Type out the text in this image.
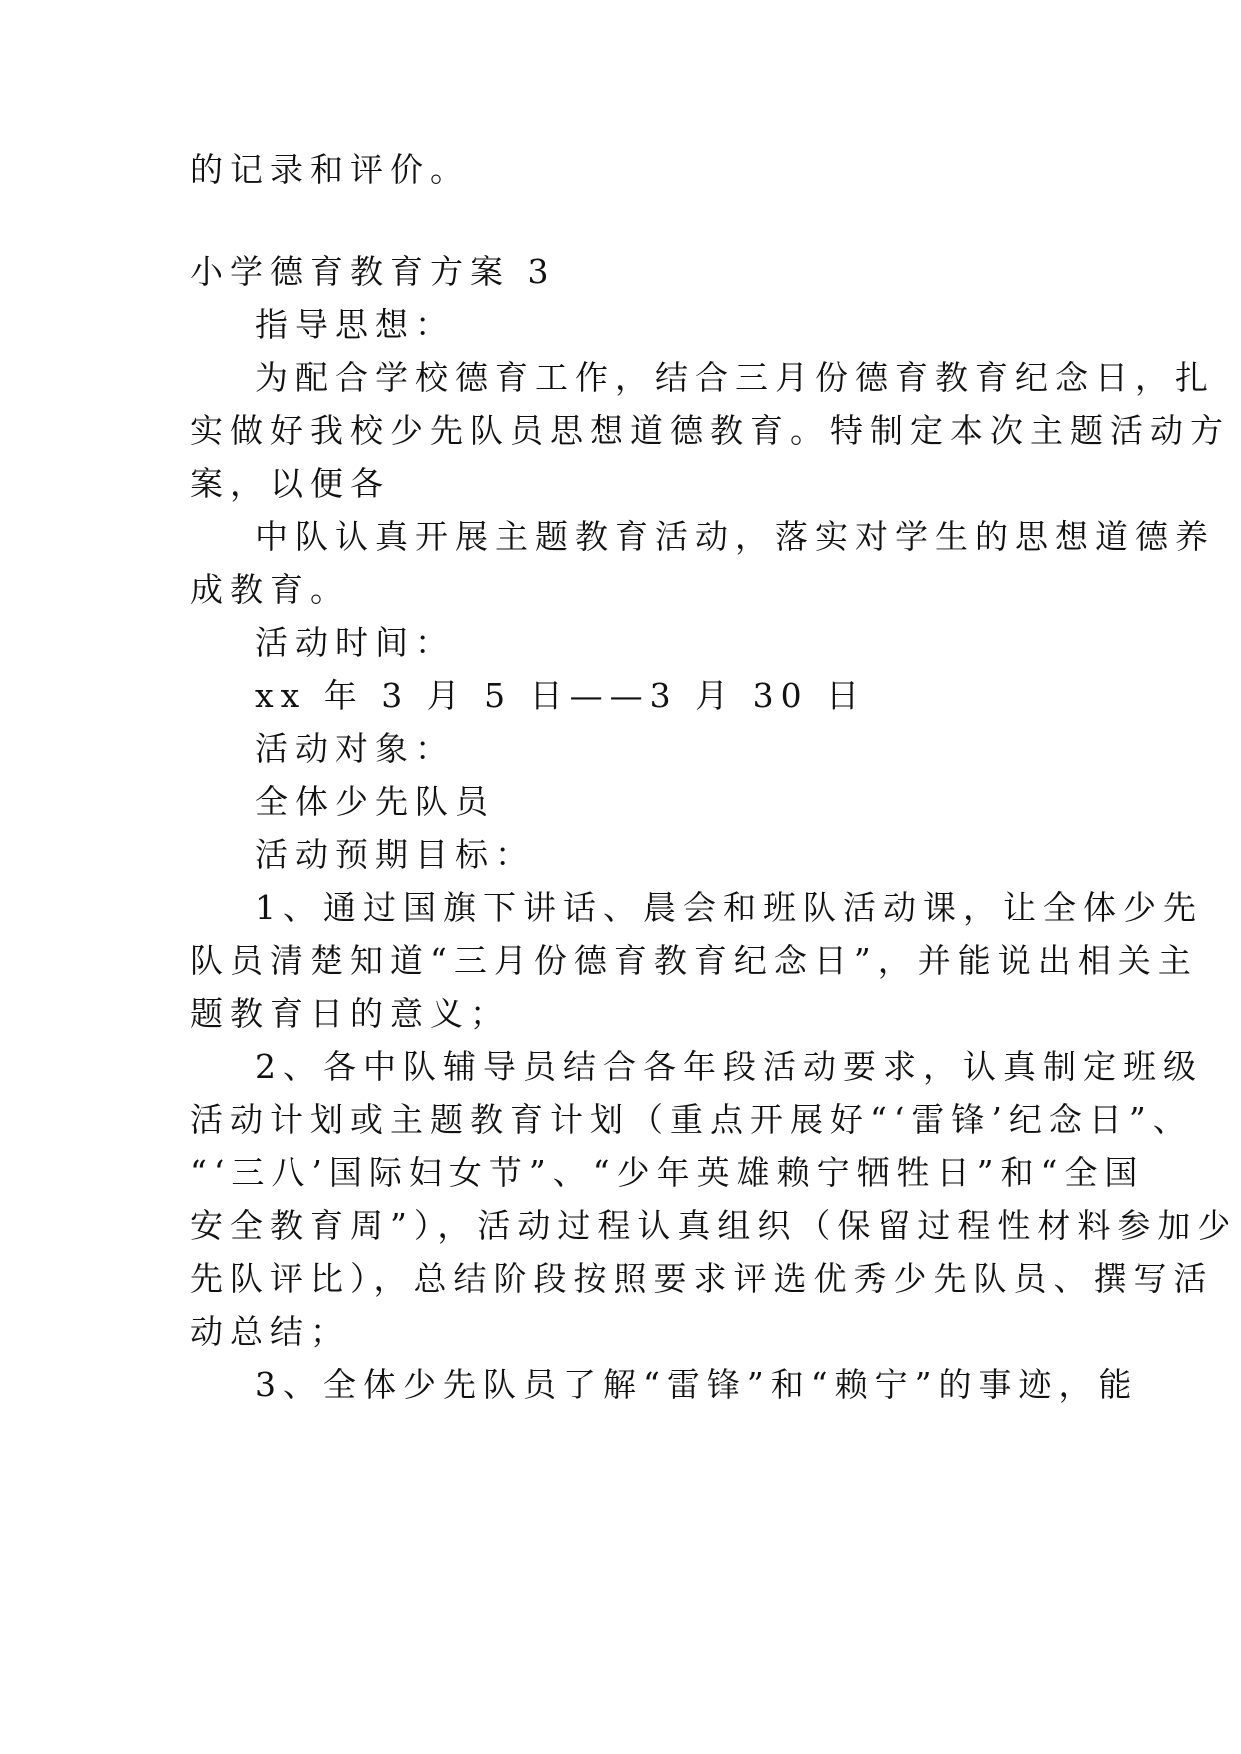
的记录和评价。
小学德育教育方案 3
指导思想：
为配合学校德育工作，结合三月份德育教育纪念日，扎
实做好我校少先队员思想道德教育。特制定本次主题活动方
案，以便各
中队认真开展主题教育活动，落实对学生的思想道德养
成教育。
活动时间：
xx 年 3 月 5 日——3 月 30 日
活动对象：
全体少先队员
活动预期目标：
1、通过国旗下讲话、晨会和班队活动课，让全体少先
队员清楚知道“三月份德育教育纪念日”，并能说出相关主
题教育日的意义；
2、各中队辅导员结合各年段活动要求，认真制定班级
活动计划或主题教育计划（重点开展好“‘雷锋’纪念日”、
“‘三八’国际妇女节”、“少年英雄赖宁牺牲日”和“全国
安全教育周”），活动过程认真组织（保留过程性材料参加少
先队评比），总结阶段按照要求评选优秀少先队员、撰写活
动总结；
3、全体少先队员了解“雷锋”和“赖宁”的事迹，能
